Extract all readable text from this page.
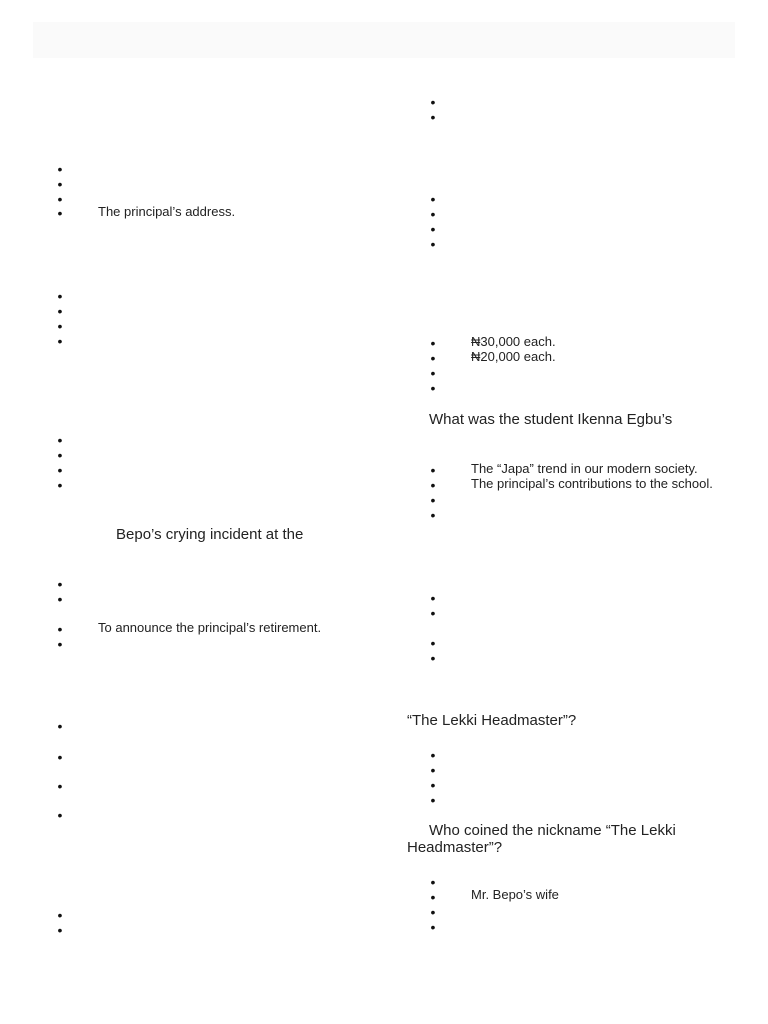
•
•
•
•	The principal’s address.
•
•
•
•
•
•
•
•
Bepo’s crying incident at the
•
•
•	To announce the principal’s retirement.
•
•
•
•
•
•
•
•
•
•
•
•
•
•	₦30,000 each.
•	₦20,000 each.
•
•
What was the student Ikenna Egbu’s
•	The “Japa” trend in our modern society.
•	The principal’s contributions to the school.
•
•
•
•
•
•
“The Lekki Headmaster”?
•
•
•
•
Who coined the nickname “The Lekki Headmaster”?
•
•	Mr. Bepo’s wife
•
•
